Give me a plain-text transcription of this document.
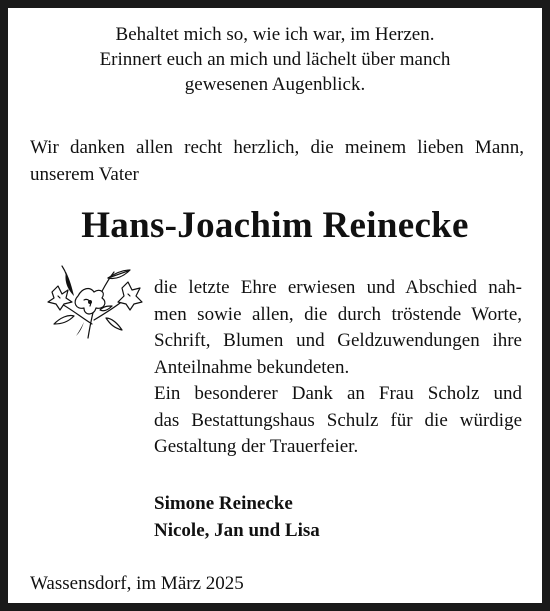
Behaltet mich so, wie ich war, im Herzen.
Erinnert euch an mich und lächelt über manch
gewesenen Augenblick.
Wir danken allen recht herzlich, die meinem lieben Mann,
unserem Vater
Hans-Joachim Reinecke
die letzte Ehre erwiesen und Abschied nah-
men sowie allen, die durch tröstende Worte,
Schrift, Blumen und Geldzuwendungen ihre
Anteilnahme bekundeten.
Ein besonderer Dank an Frau Scholz und
das Bestattungshaus Schulz für die würdige
Gestaltung der Trauerfeier.
Simone Reinecke
Nicole, Jan und Lisa
Wassensdorf, im März 2025
